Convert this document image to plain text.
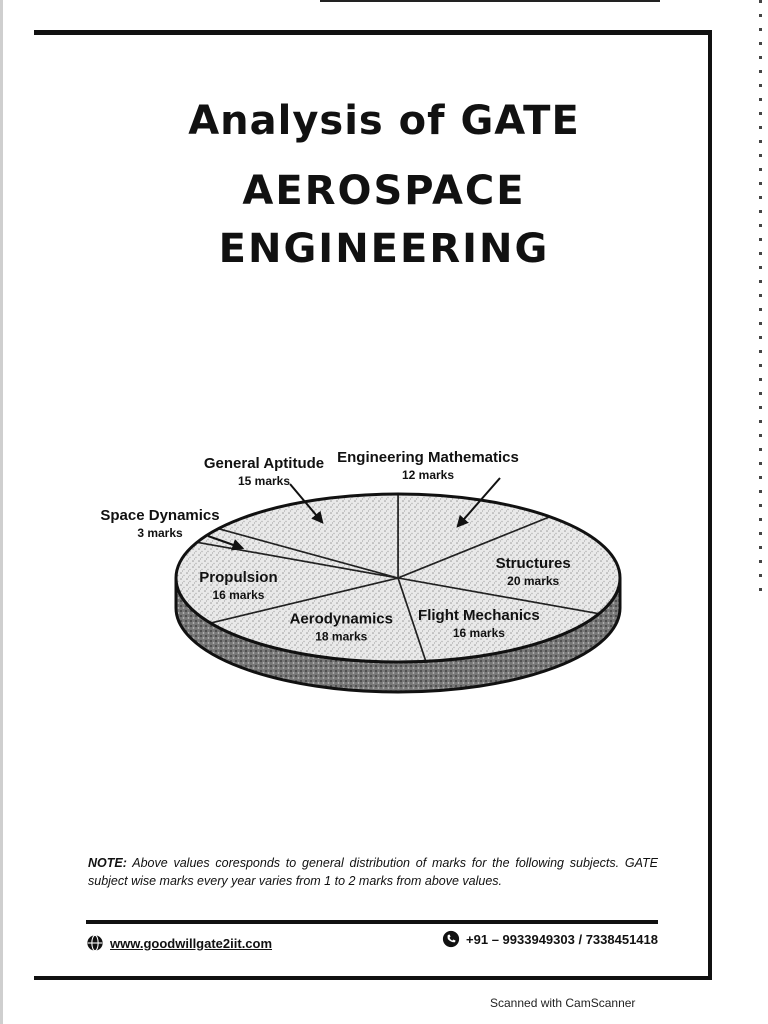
Analysis of GATE
AEROSPACE
ENGINEERING
Engineering Mathematics
12 marks
Structures
20 marks
Flight Mechanics
16 marks
Aerodynamics
18 marks
Propulsion
16 marks
Space Dynamics
3 marks
General Aptitude
15 marks

NOTE: Above values coresponds to general distribution of marks for the following subjects. GATE subject wise marks every year varies from 1 to 2 marks from above values.

www.goodwillgate2iit.com	+91 – 9933949303 / 7338451418
Scanned with CamScanner
